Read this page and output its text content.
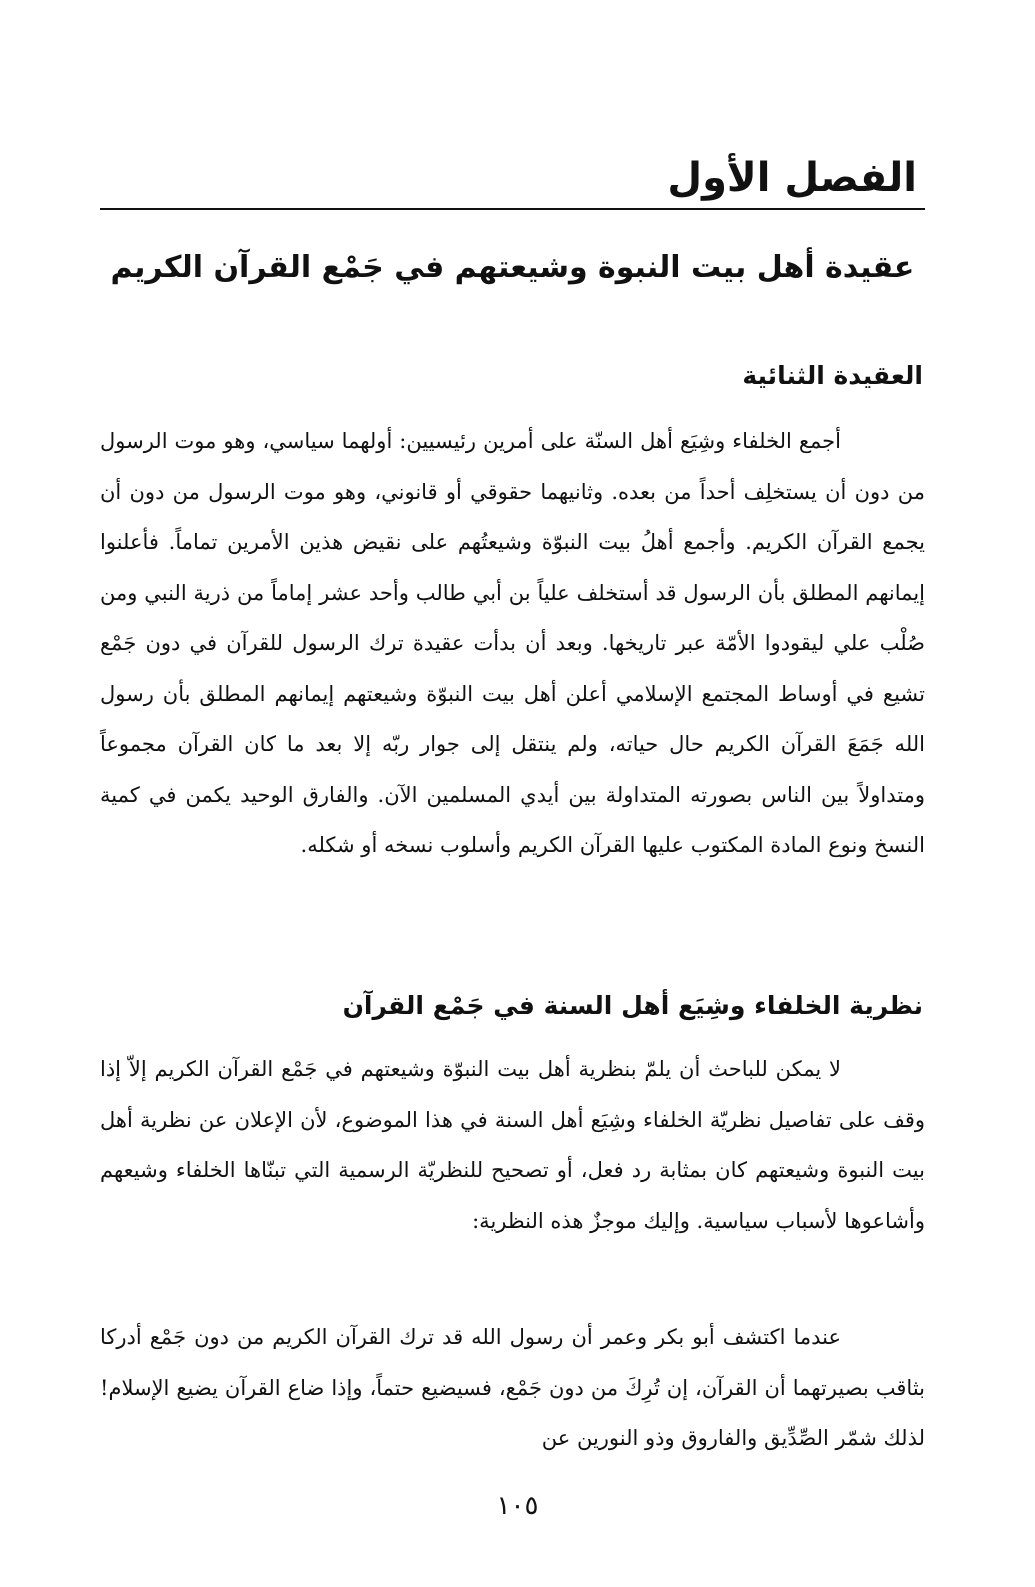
الفصل الأول
عقيدة أهل بيت النبوة وشيعتهم في جَمْع القرآن الكريم
العقيدة الثنائية
أجمع الخلفاء وشِيَع أهل السنّة على أمرين رئيسيين: أولهما سياسي، وهو موت الرسول من دون أن يستخلِف أحداً من بعده. وثانيهما حقوقي أو قانوني، وهو موت الرسول من دون أن يجمع القرآن الكريم. وأجمع أهلُ بيت النبوّة وشيعتُهم على نقيض هذين الأمرين تماماً. فأعلنوا إيمانهم المطلق بأن الرسول قد أستخلف علياً بن أبي طالب وأحد عشر إماماً من ذرية النبي ومن صُلْب علي ليقودوا الأمّة عبر تاريخها. وبعد أن بدأت عقيدة ترك الرسول للقرآن في دون جَمْع تشيع في أوساط المجتمع الإسلامي أعلن أهل بيت النبوّة وشيعتهم إيمانهم المطلق بأن رسول الله جَمَعَ القرآن الكريم حال حياته، ولم ينتقل إلى جوار ربّه إلا بعد ما كان القرآن مجموعاً ومتداولاً بين الناس بصورته المتداولة بين أيدي المسلمين الآن. والفارق الوحيد يكمن في كمية النسخ ونوع المادة المكتوب عليها القرآن الكريم وأسلوب نسخه أو شكله.
نظرية الخلفاء وشِيَع أهل السنة في جَمْع القرآن
لا يمكن للباحث أن يلمّ بنظرية أهل بيت النبوّة وشيعتهم في جَمْع القرآن الكريم إلاّ إذا وقف على تفاصيل نظريّة الخلفاء وشِيَع أهل السنة في هذا الموضوع، لأن الإعلان عن نظرية أهل بيت النبوة وشيعتهم كان بمثابة رد فعل، أو تصحيح للنظريّة الرسمية التي تبنّاها الخلفاء وشيعهم وأشاعوها لأسباب سياسية. وإليك موجزٌ هذه النظرية:
عندما اكتشف أبو بكر وعمر أن رسول الله قد ترك القرآن الكريم من دون جَمْع أدركا بثاقب بصيرتهما أن القرآن، إن تُرِكَ من دون جَمْع، فسيضيع حتماً، وإذا ضاع القرآن يضيع الإسلام! لذلك شمّر الصِّدِّيق والفاروق وذو النورين عن
١٠٥
